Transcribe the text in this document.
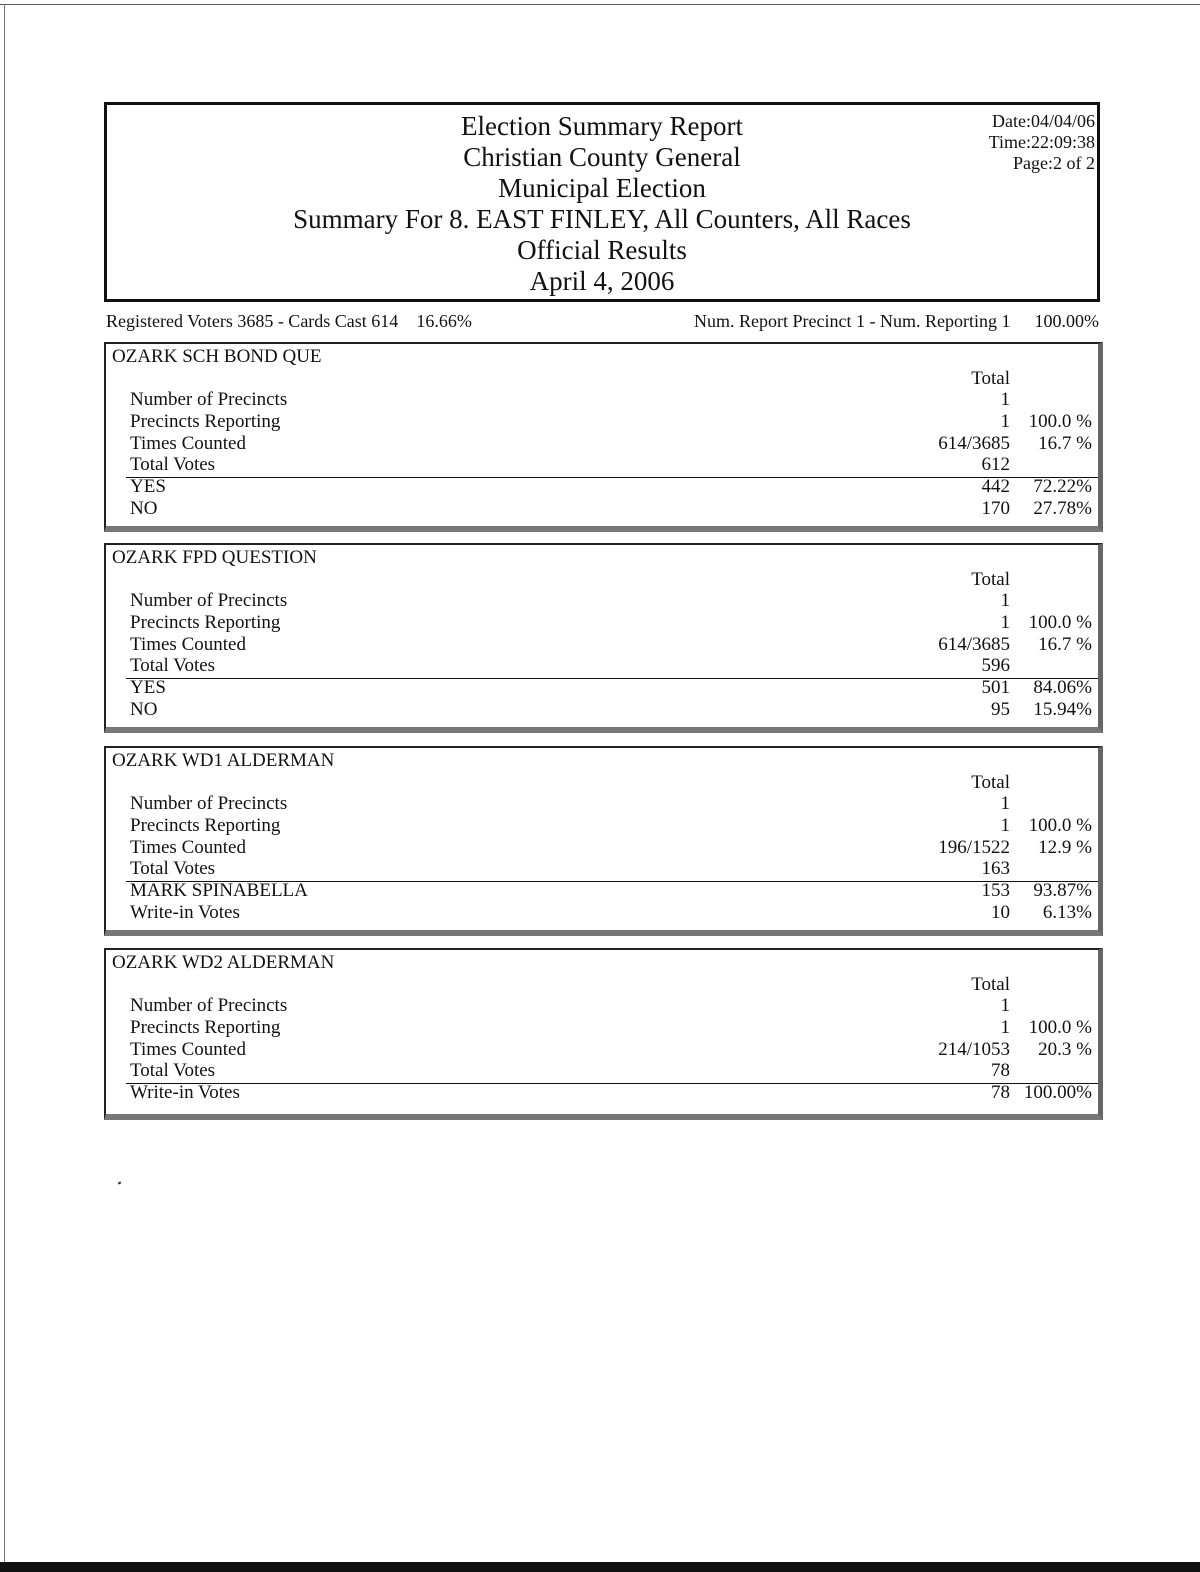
Election Summary Report
Christian County General
Municipal Election
Summary For 8. EAST FINLEY, All Counters, All Races
Official Results
April 4, 2006
Date:04/04/06
Time:22:09:38
Page:2 of 2
Registered Voters 3685 - Cards Cast 614 16.66%	Num. Report Precinct 1 - Num. Reporting 1 100.00%
OZARK SCH BOND QUE
Total
Number of Precincts	1
Precincts Reporting	1 100.0 %
Times Counted	614/3685	16.7 %
Total Votes	612
YES	442	72.22%
NO	170	27.78%
OZARK FPD QUESTION
Total
Number of Precincts	1
Precincts Reporting	1 100.0 %
Times Counted	614/3685	16.7 %
Total Votes	596
YES	501	84.06%
NO	95	15.94%
OZARK WD1 ALDERMAN
Total
Number of Precincts	1
Precincts Reporting	1 100.0 %
Times Counted	196/1522	12.9 %
Total Votes	163
MARK SPINABELLA	153	93.87%
Write-in Votes	10	6.13%
OZARK WD2 ALDERMAN
Total
Number of Precincts	1
Precincts Reporting	1 100.0 %
Times Counted	214/1053	20.3 %
Total Votes	78
Write-in Votes	78 100.00%
